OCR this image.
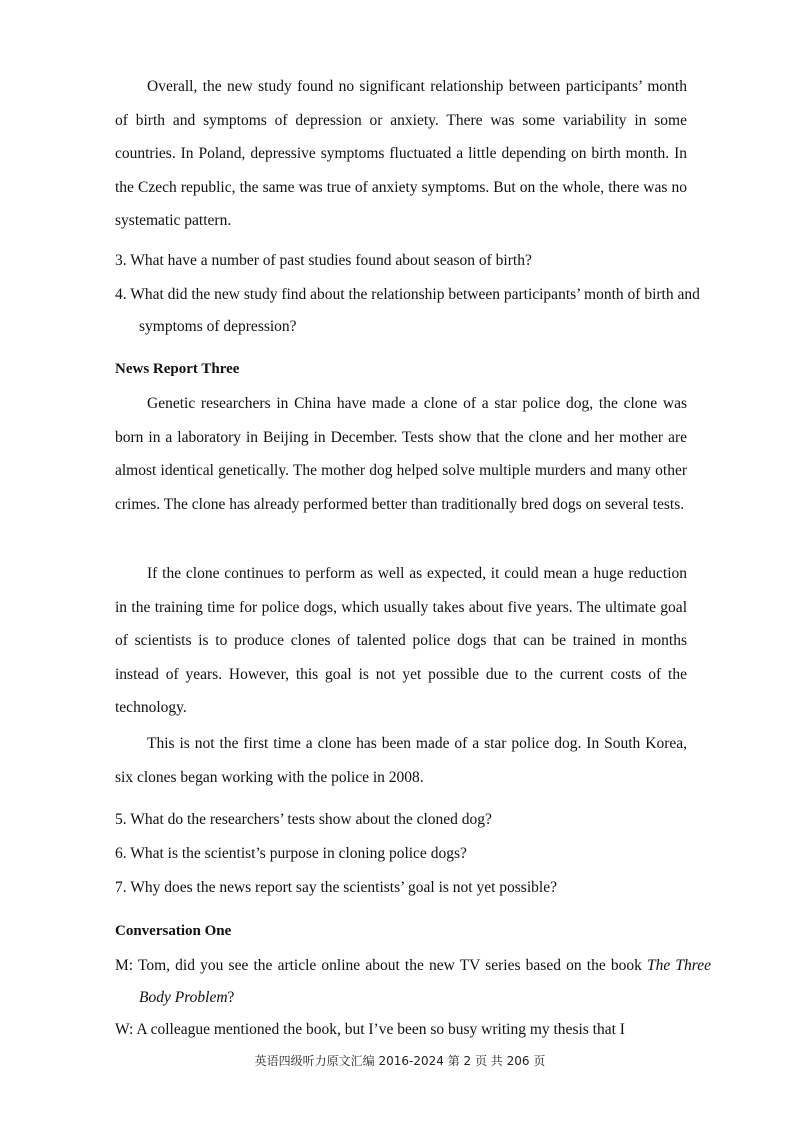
Overall, the new study found no significant relationship between participants’ month of birth and symptoms of depression or anxiety. There was some variability in some countries. In Poland, depressive symptoms fluctuated a little depending on birth month. In the Czech republic, the same was true of anxiety symptoms. But on the whole, there was no systematic pattern.

3. What have a number of past studies found about season of birth?

4. What did the new study find about the relationship between participants’ month of birth and symptoms of depression?

News Report Three

Genetic researchers in China have made a clone of a star police dog, the clone was born in a laboratory in Beijing in December. Tests show that the clone and her mother are almost identical genetically. The mother dog helped solve multiple murders and many other crimes. The clone has already performed better than traditionally bred dogs on several tests.

If the clone continues to perform as well as expected, it could mean a huge reduction in the training time for police dogs, which usually takes about five years. The ultimate goal of scientists is to produce clones of talented police dogs that can be trained in months instead of years. However, this goal is not yet possible due to the current costs of the technology.

This is not the first time a clone has been made of a star police dog. In South Korea, six clones began working with the police in 2008.

5. What do the researchers’ tests show about the cloned dog?

6. What is the scientist’s purpose in cloning police dogs?

7. Why does the news report say the scientists’ goal is not yet possible?

Conversation One

M: Tom, did you see the article online about the new TV series based on the book The Three Body Problem?

W: A colleague mentioned the book, but I’ve been so busy writing my thesis that I

英语四级听力原文汇编 2016-2024 第 2 页 共 206 页
